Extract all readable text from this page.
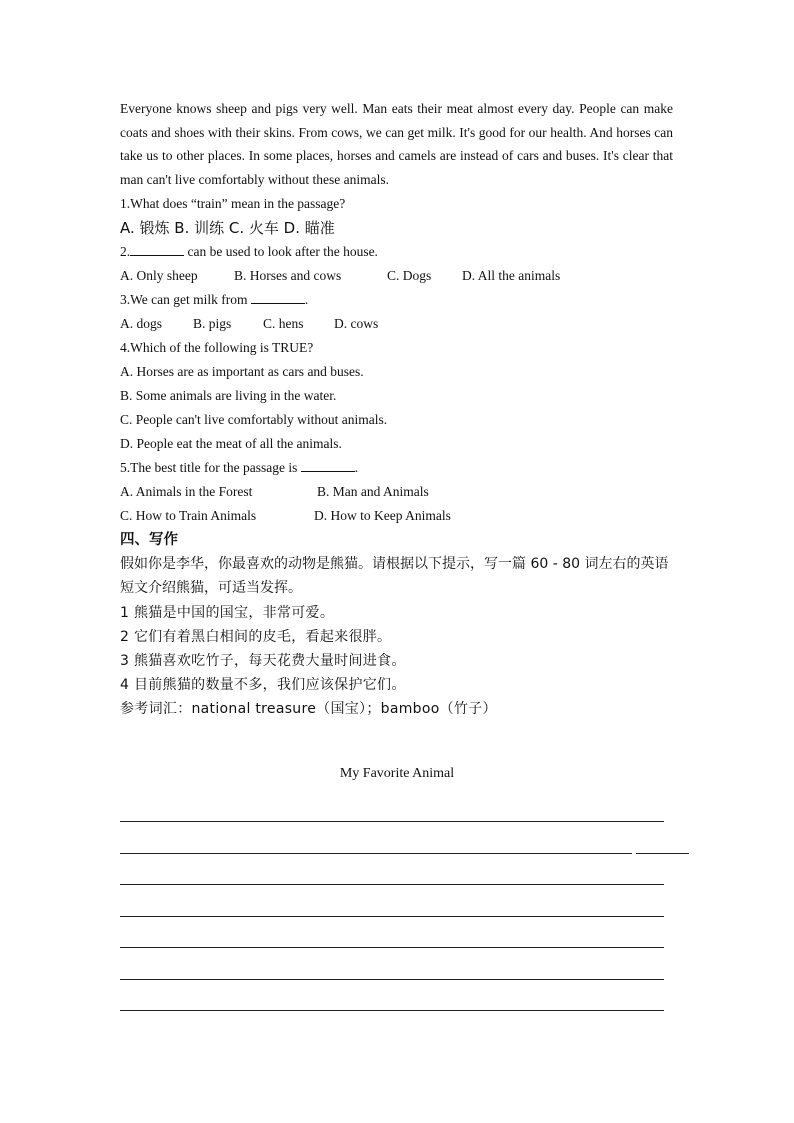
Everyone knows sheep and pigs very well. Man eats their meat almost every day. People can make coats and shoes with their skins. From cows, we can get milk. It's good for our health. And horses can take us to other places. In some places, horses and camels are instead of cars and buses. It's clear that man can't live comfortably without these animals.

1.What does “train” mean in the passage?

A. 锻炼 B. 训练 C. 火车 D. 瞄准

2.	can be used to look after the house.

A. Only sheep	B. Horses and cows	C. Dogs D. All the animals

3.We can get milk from	.

A. dogs B. pigs C. hens D. cows

4.Which of the following is TRUE?

A. Horses are as important as cars and buses.

B. Some animals are living in the water.

C. People can't live comfortably without animals.

D. People eat the meat of all the animals.

5.The best title for the passage is	.

A. Animals in the Forest	B. Man and Animals

C. How to Train Animals	D. How to Keep Animals

四、写作

假如你是李华，你最喜欢的动物是熊猫。请根据以下提示，写一篇 60 - 80 词左右的英语短文介绍熊猫，可适当发挥。

1 熊猫是中国的国宝，非常可爱。

2 它们有着黑白相间的皮毛，看起来很胖。

3 熊猫喜欢吃竹子，每天花费大量时间进食。

4 目前熊猫的数量不多，我们应该保护它们。

参考词汇：national treasure（国宝）；bamboo（竹子）

My Favorite Animal
